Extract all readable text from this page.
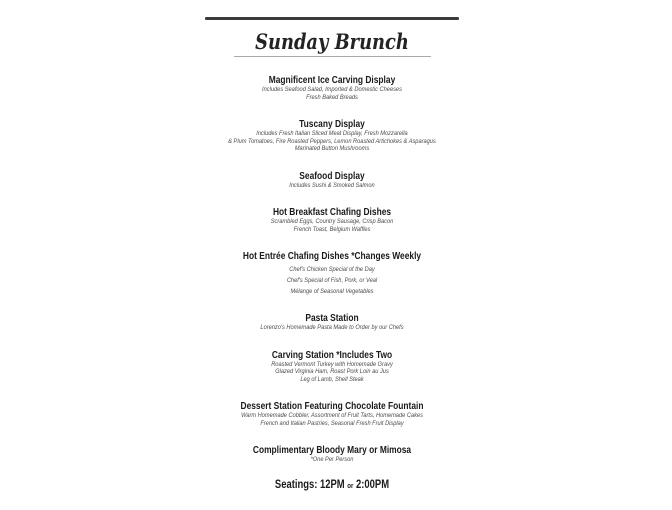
Sunday Brunch
Magnificent Ice Carving Display

Includes Seafood Salad, Imported & Domestic Cheeses

Fresh Baked Breads

Tuscany Display

Includes Fresh Italian Sliced Meat Display, Fresh Mozzarella

& Plum Tomatoes, Fire Roasted Peppers, Lemon Roasted Artichokes & Asparagus

Marinated Button Mushrooms

Seafood Display

Includes Sushi & Smoked Salmon

Hot Breakfast Chafing Dishes

Scrambled Eggs, Country Sausage, Crisp Bacon

French Toast, Belgium Waffles

Hot Entrée Chafing Dishes *Changes Weekly

Chef's Chicken Special of the Day

Chef's Special of Fish, Pork, or Veal

Mélange of Seasonal Vegetables

Pasta Station

Lorenzo's Homemade Pasta Made to Order by our Chefs

Carving Station *Includes Two

Roasted Vermont Turkey with Homemade Gravy

Glazed Virginia Ham, Roast Pork Loin au Jus

Leg of Lamb, Shell Steak

Dessert Station Featuring Chocolate Fountain

Warm Homemade Cobbler, Assortment of Fruit Tarts, Homemade Cakes

French and Italian Pastries, Seasonal Fresh Fruit Display

Complimentary Bloody Mary or Mimosa

*One Per Person

Seatings: 12PM or 2:00PM
